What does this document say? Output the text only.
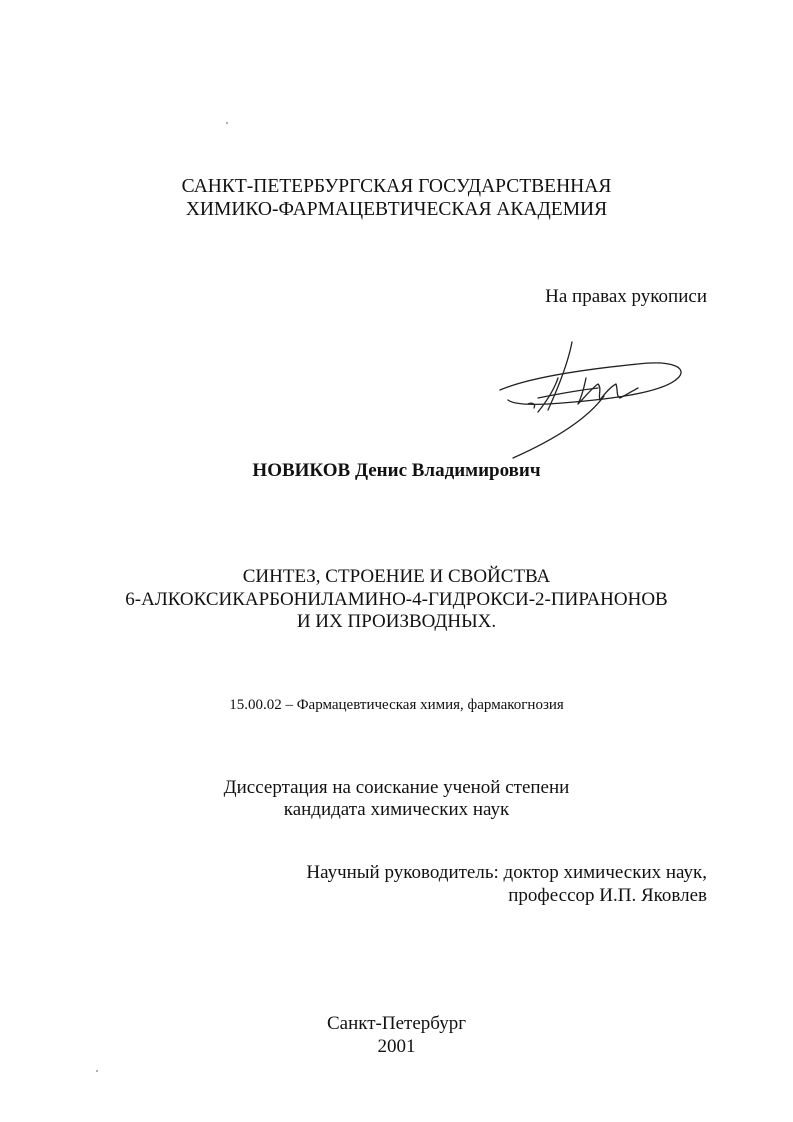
САНКТ-ПЕТЕРБУРГСКАЯ ГОСУДАРСТВЕННАЯ
ХИМИКО-ФАРМАЦЕВТИЧЕСКАЯ АКАДЕМИЯ
На правах рукописи
НОВИКОВ Денис Владимирович
СИНТЕЗ, СТРОЕНИЕ И СВОЙСТВА
6-АЛКОКСИКАРБОНИЛАМИНО-4-ГИДРОКСИ-2-ПИРАНОНОВ
И ИХ ПРОИЗВОДНЫХ.
15.00.02 – Фармацевтическая химия, фармакогнозия
Диссертация на соискание ученой степени
кандидата химических наук
Научный руководитель: доктор химических наук,
профессор И.П. Яковлев
Санкт-Петербург
2001
